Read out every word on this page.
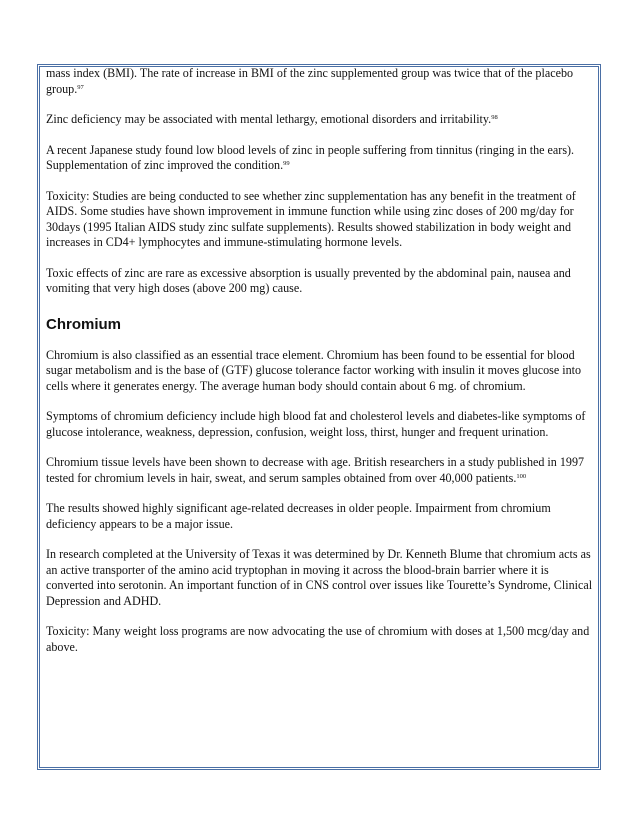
mass index (BMI). The rate of increase in BMI of the zinc supplemented group was twice that of the placebo group.$^{97}$

Zinc deficiency may be associated with mental lethargy, emotional disorders and irritability.$^{98}$

A recent Japanese study found low blood levels of zinc in people suffering from tinnitus (ringing in the ears). Supplementation of zinc improved the condition.$^{99}$

Toxicity: Studies are being conducted to see whether zinc supplementation has any benefit in the treatment of AIDS. Some studies have shown improvement in immune function while using zinc doses of 200 mg/day for 30days (1995 Italian AIDS study zinc sulfate supplements). Results showed stabilization in body weight and increases in CD4+ lymphocytes and immune-stimulating hormone levels.

Toxic effects of zinc are rare as excessive absorption is usually prevented by the abdominal pain, nausea and vomiting that very high doses (above 200 mg) cause.

Chromium

Chromium is also classified as an essential trace element. Chromium has been found to be essential for blood sugar metabolism and is the base of (GTF) glucose tolerance factor working with insulin it moves glucose into cells where it generates energy. The average human body should contain about 6 mg. of chromium.

Symptoms of chromium deficiency include high blood fat and cholesterol levels and diabetes-like symptoms of glucose intolerance, weakness, depression, confusion, weight loss, thirst, hunger and frequent urination.

Chromium tissue levels have been shown to decrease with age. British researchers in a study published in 1997 tested for chromium levels in hair, sweat, and serum samples obtained from over 40,000 patients.$^{100}$

The results showed highly significant age-related decreases in older people. Impairment from chromium deficiency appears to be a major issue.

In research completed at the University of Texas it was determined by Dr. Kenneth Blume that chromium acts as an active transporter of the amino acid tryptophan in moving it across the blood-brain barrier where it is converted into serotonin. An important function of in CNS control over issues like Tourette’s Syndrome, Clinical Depression and ADHD.

Toxicity: Many weight loss programs are now advocating the use of chromium with doses at 1,500 mcg/day and above.
